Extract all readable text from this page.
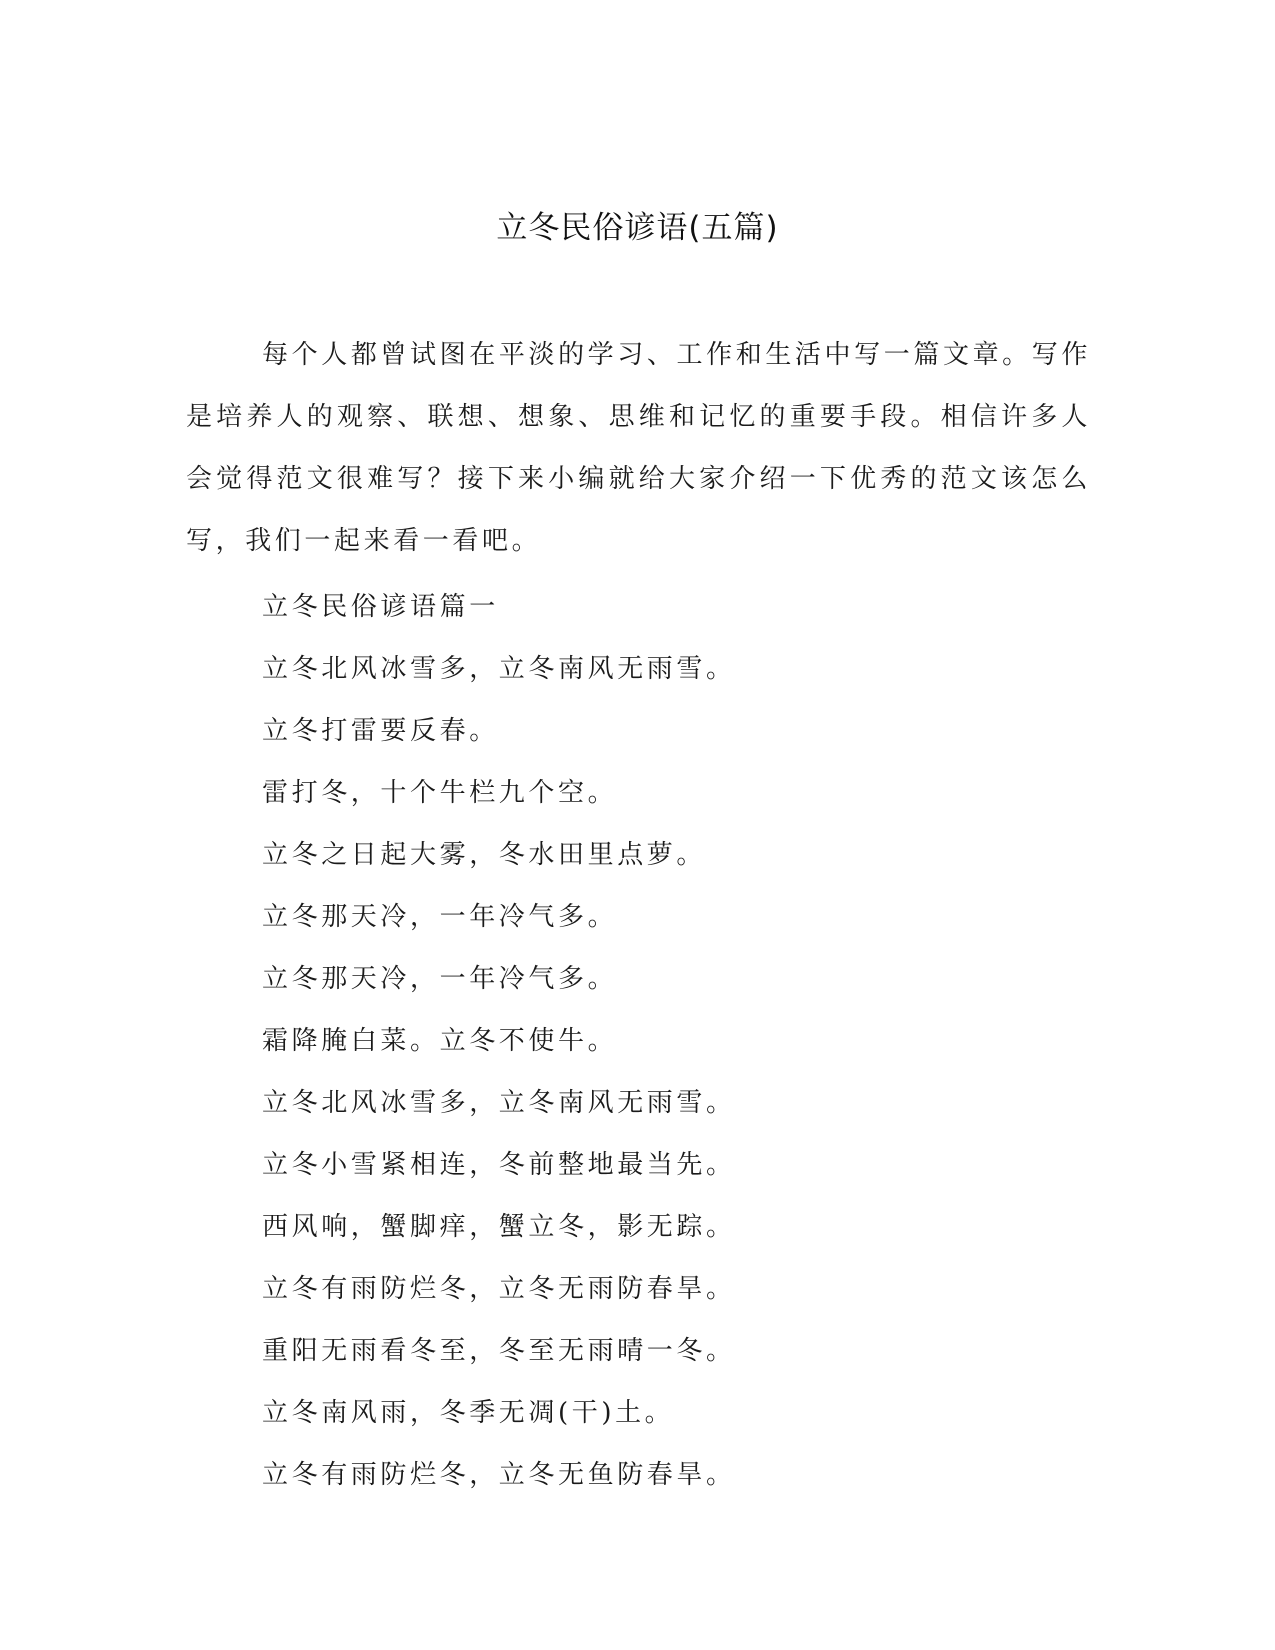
立冬民俗谚语(五篇)

每个人都曾试图在平淡的学习、工作和生活中写一篇文章。写作是培养人的观察、联想、想象、思维和记忆的重要手段。相信许多人会觉得范文很难写？接下来小编就给大家介绍一下优秀的范文该怎么写，我们一起来看一看吧。

立冬民俗谚语篇一
立冬北风冰雪多，立冬南风无雨雪。
立冬打雷要反春。
雷打冬，十个牛栏九个空。
立冬之日起大雾，冬水田里点萝。
立冬那天冷，一年冷气多。
立冬那天冷，一年冷气多。
霜降腌白菜。立冬不使牛。
立冬北风冰雪多，立冬南风无雨雪。
立冬小雪紧相连，冬前整地最当先。
西风响，蟹脚痒，蟹立冬，影无踪。
立冬有雨防烂冬，立冬无雨防春旱。
重阳无雨看冬至，冬至无雨晴一冬。
立冬南风雨，冬季无凋(干)土。
立冬有雨防烂冬，立冬无鱼防春旱。
